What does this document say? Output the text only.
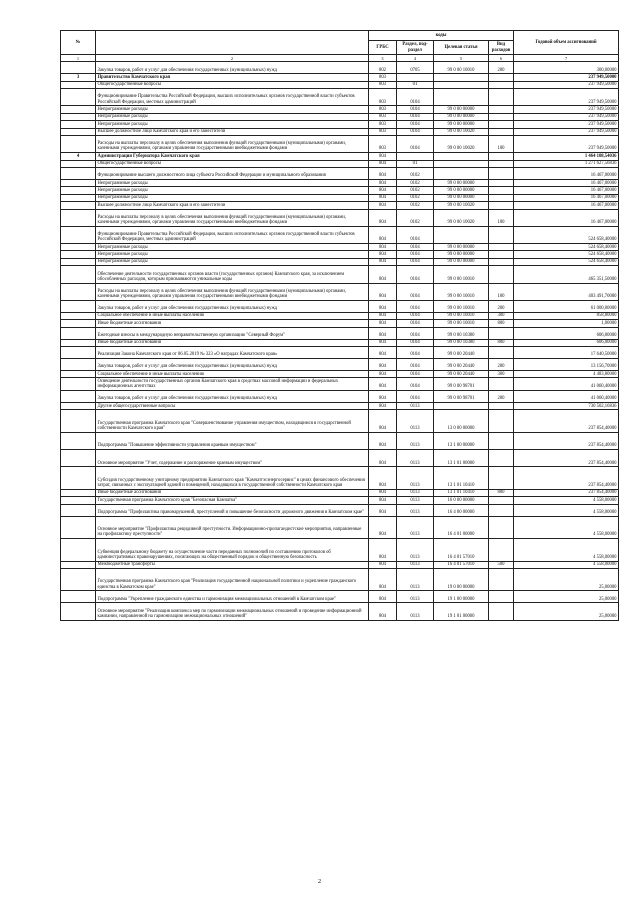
№		коды				Годовой объем ассигнований
		ГРБС	Раздел, под-раздел	Целевая статья	Вид расходов	
1	2	3	4	5	6	7
	Закупка товаров, работ и услуг для обеспечения государственных (муниципальных) нужд	802	0705	99 0 00 10010	200	300,00000
3	Правительство Камчатского края	803				237 949,50000
	Общегосударственные вопросы	803	01			237 949,50000
	Функционирование Правительства Российской Федерации, высших исполнительных органов государственной власти субъектов Российской Федерации, местных администраций	803	0104			237 949,50000
	Непрограммные расходы	803	0104	99 0 00 00000		237 949,50000
	Непрограммные расходы	803	0104	99 0 00 00000		237 949,50000
	Непрограммные расходы	803	0104	99 0 00 00000		237 949,50000
	Высшее должностное лицо Камчатского края и его заместители	803	0104	99 0 00 10020		237 949,50000
	Расходы на выплаты персоналу в целях обеспечения выполнения функций государственными (муниципальными) органами, казенными учреждениями, органами управления государственными внебюджетными фондами	803	0104	99 0 00 10020	100	237 949,50000
4	Администрация Губернатора Камчатского края	804				1 464 108,54036
	Общегосударственные вопросы	804	01			1 271 627,56836
	Функционирование высшего должностного лица субъекта Российской Федерации и муниципального образования	804	0102			16 467,00000
	Непрограммные расходы	804	0102	99 0 00 00000		16 467,00000
	Непрограммные расходы	804	0102	99 0 00 00000		16 467,00000
	Непрограммные расходы	804	0102	99 0 00 00000		16 467,00000
	Высшее должностное лицо Камчатского края и его заместители	804	0102	99 0 00 10020		16 467,00000
	Расходы на выплаты персоналу в целях обеспечения выполнения функций государственными (муниципальными) органами, казенными учреждениями, органами управления государственными внебюджетными фондами	804	0102	99 0 00 10020	100	16 467,00000
	Функционирование Правительства Российской Федерации, высших исполнительных органов государственной власти субъектов Российской Федерации, местных администраций	804	0104			524 658,40000
	Непрограммные расходы	804	0104	99 0 00 00000		524 658,40000
	Непрограммные расходы	804	0104	99 0 00 00000		524 658,40000
	Непрограммные расходы	804	0104	99 0 00 00000		524 658,40000
	Обеспечение деятельности государственных органов власти (государственных органов) Камчатского края, за исключением обособленных расходов, которым присваиваются уникальные коды	804	0104	99 0 00 10010		465 351,50000
	Расходы на выплаты персоналу в целях обеспечения выполнения функций государственными (муниципальными) органами, казенными учреждениями, органами управления государственными внебюджетными фондами	804	0104	99 0 00 10010	100	403 491,70000
	Закупка товаров, работ и услуг для обеспечения государственных (муниципальных) нужд	804	0104	99 0 00 10010	200	61 000,00000
	Социальное обеспечение и иные выплаты населению	804	0104	99 0 00 10010	300	858,80000
	Иные бюджетные ассигнования	804	0104	99 0 00 10010	800	1,00000
	Ежегодные взносы в международную неправительственную организацию "Северный Форум"	804	0104	99 0 00 10380		606,00000
	Иные бюджетные ассигнования	804	0104	99 0 00 10380	800	606,00000
	Реализация Закона Камчатского края от 06.05.2019 № 323 «О наградах Камчатского края»	804	0104	99 0 00 20440		17 640,50000
	Закупка товаров, работ и услуг для обеспечения государственных (муниципальных) нужд	804	0104	99 0 00 20440	200	13 156,70000
	Социальное обеспечение и иные выплаты населению	804	0104	99 0 00 20440	300	4 483,80000
	Освещение деятельности государственных органов Камчатского края в средствах массовой информации и федеральных информационных агентствах	804	0104	99 0 00 98701		41 060,40000
	Закупка товаров, работ и услуг для обеспечения государственных (муниципальных) нужд	804	0104	99 0 00 98701	200	41 060,40000
	Другие общегосударственные вопросы	804	0113			730 502,16836
	Государственная программа Камчатского края "Совершенствование управления имуществом, находящимся в государственной собственности Камчатского края"	804	0113	13 0 00 00000		237 854,40000
	Подпрограмма "Повышение эффективности управления краевым имуществом"	804	0113	13 1 00 00000		237 854,40000
	Основное мероприятие "Учет, содержание и распоряжение краевым имуществом"	804	0113	13 1 01 00000		237 854,40000
	Субсидия государственному унитарному предприятию Камчатского края "Камчатгэсэнергосервис" в целях финансового обеспечения затрат, связанных с эксплуатацией зданий и помещений, находящихся в государственной собственности Камчатского края	804	0113	13 1 01 10410		237 854,40000
	Иные бюджетные ассигнования	804	0113	13 1 01 10410	800	237 854,40000
	Государственная программа Камчатского края "Безопасная Камчатка"	804	0113	16 0 00 00000		4 558,00000
	Подпрограмма "Профилактика правонарушений, преступлений и повышение безопасности дорожного движения в Камчатском крае"	804	0113	16 4 00 00000		4 558,00000
	Основное мероприятие "Профилактика рецидивной преступности. Информационно-пропагандистские мероприятия, направленные на профилактику преступности"	804	0113	16 4 01 00000		4 558,00000
	Субвенция федеральному бюджету на осуществление части переданных полномочий по составлению протоколов об административных правонарушениях, посягающих на общественный порядок и общественную безопасность	804	0113	16 4 01 57010		4 558,00000
	Межбюджетные трансферты	804	0113	16 4 01 57010	500	4 558,00000
	Государственная программа Камчатского края "Реализация государственной национальной политики и укрепление гражданского единства в Камчатском крае"	804	0113	19 0 00 00000		25,00000
	Подпрограмма "Укрепление гражданского единства и гармонизация межнациональных отношений в Камчатском крае"	804	0113	19 1 00 00000		25,00000
	Основное мероприятие "Реализация комплекса мер по гармонизации межнациональных отношений и проведение информационной кампании, направленной на гармонизацию межнациональных отношений"	804	0113	19 1 01 00000		25,00000
2
